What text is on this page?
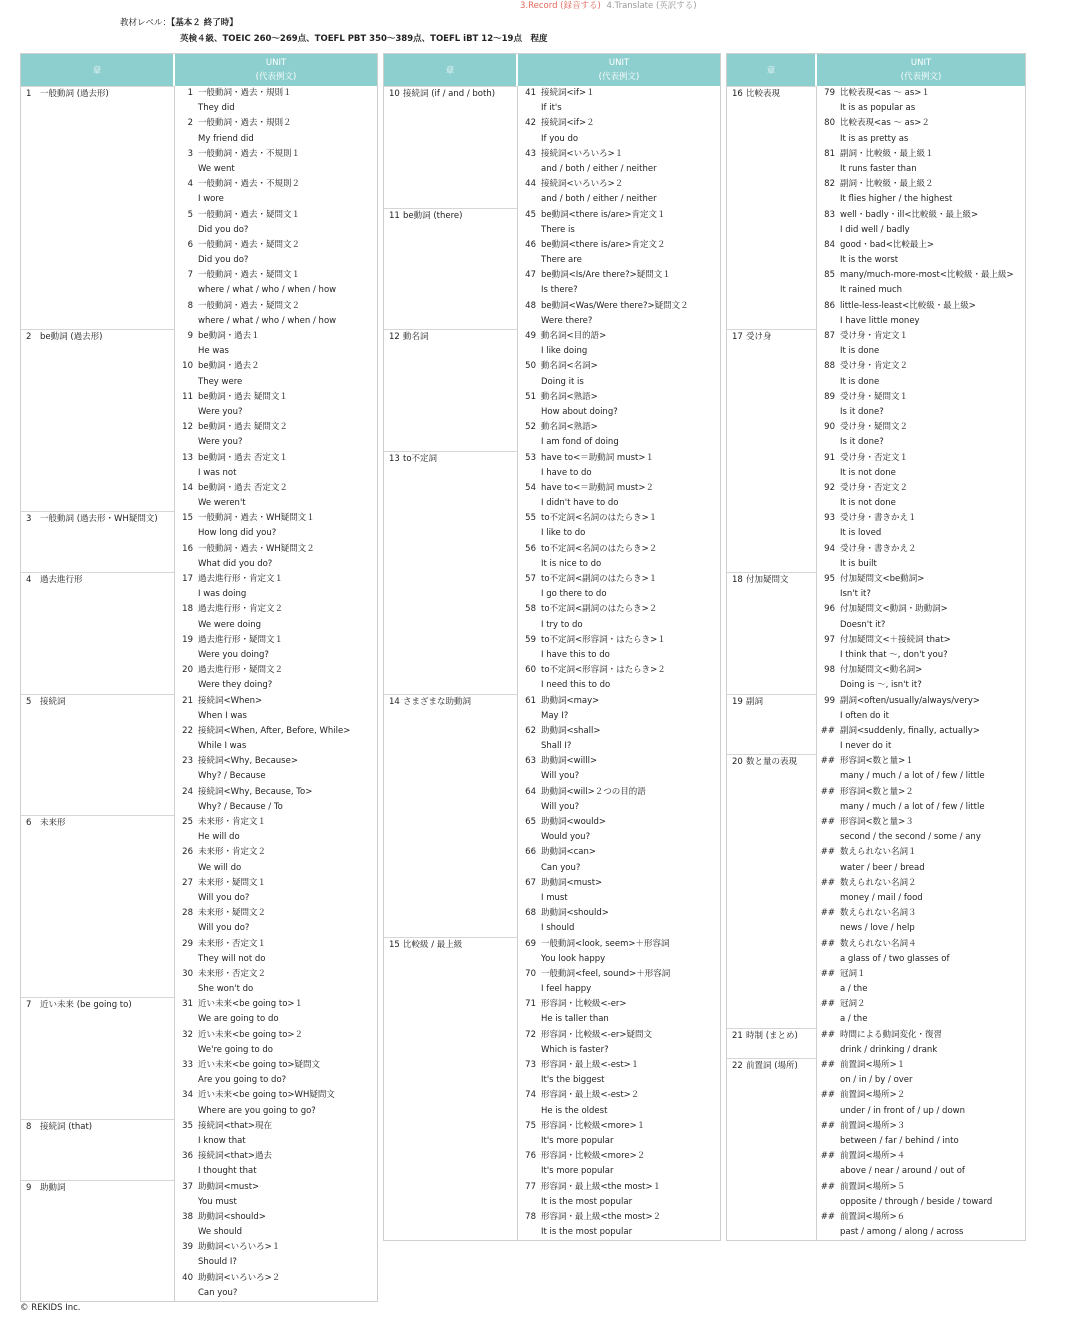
3.Record (録音する) 4.Translate (英訳する)
教材レベル：【基本２ 終了時】
英検４級、TOEIC 260〜269点、TOEFL PBT 350〜389点、TOEFL iBT 12〜19点　程度
章
UNIT
(代表例文)
1 一般動詞 (過去形)	1 一般動詞・過去・規則１
They did
2 一般動詞・過去・規則２
My friend did
3 一般動詞・過去・不規則１
We went
4 一般動詞・過去・不規則２
I wore
5 一般動詞・過去・疑問文１
Did you do?
6 一般動詞・過去・疑問文２
Did you do?
7 一般動詞・過去・疑問文１
where / what / who / when / how
8 一般動詞・過去・疑問文２
where / what / who / when / how
2 be動詞 (過去形)	9 be動詞・過去１
He was
10 be動詞・過去２
They were
11 be動詞・過去 疑問文１
Were you?
12 be動詞・過去 疑問文２
Were you?
13 be動詞・過去 否定文１
I was not
14 be動詞・過去 否定文２
We weren't
3 一般動詞 (過去形・WH疑問文)	15 一般動詞・過去・WH疑問文１
How long did you?
16 一般動詞・過去・WH疑問文２
What did you do?
4 過去進行形	17 過去進行形・肯定文１
I was doing
18 過去進行形・肯定文２
We were doing
19 過去進行形・疑問文１
Were you doing?
20 過去進行形・疑問文２
Were they doing?
5 接続詞	21 接続詞<When>
When I was
22 接続詞<When, After, Before, While>
While I was
23 接続詞<Why, Because>
Why? / Because
24 接続詞<Why, Because, To>
Why? / Because / To
6 未来形	25 未来形・肯定文１
He will do
26 未来形・肯定文２
We will do
27 未来形・疑問文１
Will you do?
28 未来形・疑問文２
Will you do?
29 未来形・否定文１
They will not do
30 未来形・否定文２
She won't do
7 近い未来 (be going to)	31 近い未来<be going to>１
We are going to do
32 近い未来<be going to>２
We're going to do
33 近い未来<be going to>疑問文
Are you going to do?
34 近い未来<be going to>WH疑問文
Where are you going to go?
8 接続詞 (that)	35 接続詞<that>現在
I know that
36 接続詞<that>過去
I thought that
9 助動詞	37 助動詞<must>
You must
38 助動詞<should>
We should
39 助動詞<いろいろ>１
Should I?
40 助動詞<いろいろ>２
Can you?
章
UNIT
(代表例文)
10 接続詞 (if / and / both)	41 接続詞<if>１
If it's
42 接続詞<if>２
If you do
43 接続詞<いろいろ>１
and / both / either / neither
44 接続詞<いろいろ>２
and / both / either / neither
11 be動詞 (there)	45 be動詞<there is/are>肯定文１
There is
46 be動詞<there is/are>肯定文２
There are
47 be動詞<Is/Are there?>疑問文１
Is there?
48 be動詞<Was/Were there?>疑問文２
Were there?
12 動名詞	49 動名詞<目的語>
I like doing
50 動名詞<名詞>
Doing it is
51 動名詞<熟語>
How about doing?
52 動名詞<熟語>
I am fond of doing
13 to不定詞	53 have to<＝助動詞 must>１
I have to do
54 have to<＝助動詞 must>２
I didn't have to do
55 to不定詞<名詞のはたらき>１
I like to do
56 to不定詞<名詞のはたらき>２
It is nice to do
57 to不定詞<副詞のはたらき>１
I go there to do
58 to不定詞<副詞のはたらき>２
I try to do
59 to不定詞<形容詞・はたらき>１
I have this to do
60 to不定詞<形容詞・はたらき>２
I need this to do
14 さまざまな助動詞	61 助動詞<may>
May I?
62 助動詞<shall>
Shall I?
63 助動詞<willl>
Will you?
64 助動詞<will>２つの目的語
Will you?
65 助動詞<would>
Would you?
66 助動詞<can>
Can you?
67 助動詞<must>
I must
68 助動詞<should>
I should
15 比較級 / 最上級	69 一般動詞<look, seem>＋形容詞
You look happy
70 一般動詞<feel, sound>＋形容詞
I feel happy
71 形容詞・比較級<-er>
He is taller than
72 形容詞・比較級<-er>疑問文
Which is faster?
73 形容詞・最上級<-est>１
It's the biggest
74 形容詞・最上級<-est>２
He is the oldest
75 形容詞・比較級<more>１
It's more popular
76 形容詞・比較級<more>２
It's more popular
77 形容詞・最上級<the most>１
It is the most popular
78 形容詞・最上級<the most>２
It is the most popular
章
UNIT
(代表例文)
16 比較表現	79 比較表現<as 〜 as>１
It is as popular as
80 比較表現<as 〜 as>２
It is as pretty as
81 副詞・比較級・最上級１
It runs faster than
82 副詞・比較級・最上級２
It flies higher / the highest
83 well・badly・ill<比較級・最上級>
I did well / badly
84 good・bad<比較最上>
It is the worst
85 many/much-more-most<比較級・最上級>
It rained much
86 little-less-least<比較級・最上級>
I have little money
17 受け身	87 受け身・肯定文１
It is done
88 受け身・肯定文２
It is done
89 受け身・疑問文１
Is it done?
90 受け身・疑問文２
Is it done?
91 受け身・否定文１
It is not done
92 受け身・否定文２
It is not done
93 受け身・書きかえ１
It is loved
94 受け身・書きかえ２
It is built
18 付加疑問文	95 付加疑問文<be動詞>
Isn't it?
96 付加疑問文<動詞・助動詞>
Doesn't it?
97 付加疑問文<＋接続詞 that>
I think that 〜, don't you?
98 付加疑問文<動名詞>
Doing is 〜, isn't it?
19 副詞	99 副詞<often/usually/always/very>
I often do it
## 副詞<suddenly, finally, actually>
I never do it
20 数と量の表現	## 形容詞<数と量>１
many / much / a lot of / few / little
## 形容詞<数と量>２
many / much / a lot of / few / little
## 形容詞<数と量>３
second / the second / some / any
## 数えられない名詞１
water / beer / bread
## 数えられない名詞２
money / mail / food
## 数えられない名詞３
news / love / help
## 数えられない名詞４
a glass of / two glasses of
## 冠詞１
a / the
## 冠詞２
a / the
21 時制 (まとめ)	## 時間による動詞変化・復習
drink / drinking / drank
22 前置詞 (場所)	## 前置詞<場所>１
on / in / by / over
## 前置詞<場所>２
under / in front of / up / down
## 前置詞<場所>３
between / far / behind / into
## 前置詞<場所>４
above / near / around / out of
## 前置詞<場所>５
opposite / through / beside / toward
## 前置詞<場所>６
past / among / along / across
© REKIDS Inc.
